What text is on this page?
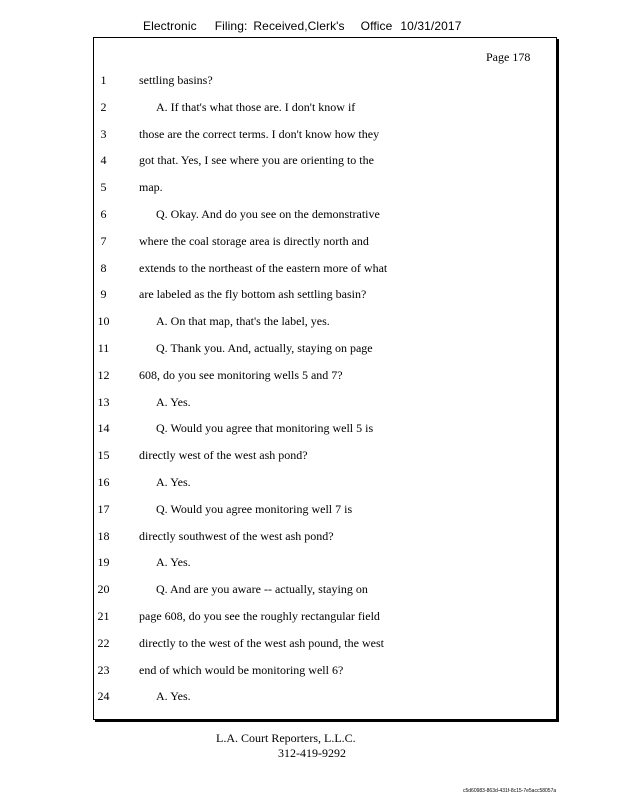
Electronic Filing: Received,Clerk's Office 10/31/2017
Page 178
1	settling basins?
2	A. If that's what those are. I don't know if
3	those are the correct terms. I don't know how they
4	got that. Yes, I see where you are orienting to the
5	map.
6	Q. Okay. And do you see on the demonstrative
7	where the coal storage area is directly north and
8	extends to the northeast of the eastern more of what
9	are labeled as the fly bottom ash settling basin?
10	A. On that map, that's the label, yes.
11	Q. Thank you. And, actually, staying on page
12 608, do you see monitoring wells 5 and 7?
13	A. Yes.
14	Q. Would you agree that monitoring well 5 is
15 directly west of the west ash pond?
16	A. Yes.
17	Q. Would you agree monitoring well 7 is
18 directly southwest of the west ash pond?
19	A. Yes.
20	Q. And are you aware -- actually, staying on
21 page 608, do you see the roughly rectangular field
22 directly to the west of the west ash pound, the west
23 end of which would be monitoring well 6?
24	A. Yes.
L.A. Court Reporters, L.L.C.
312-419-9292
c5d60983-863d-431f-8c15-7e5acc58057a
